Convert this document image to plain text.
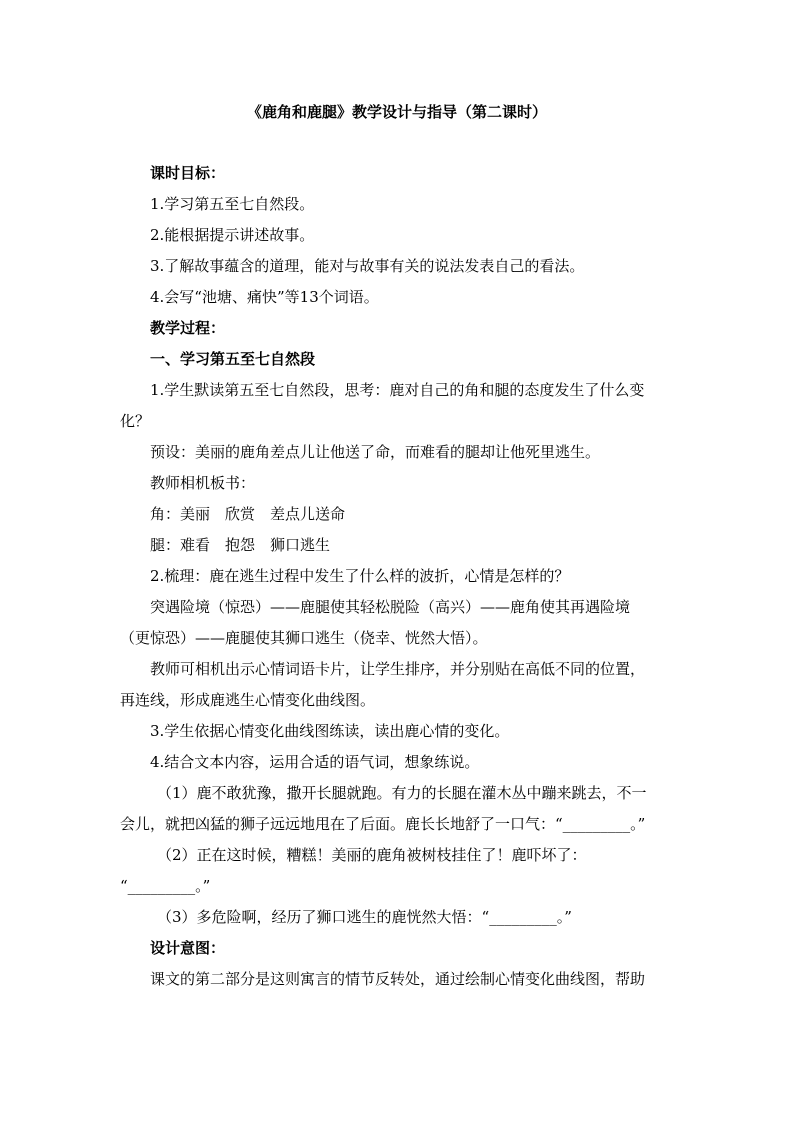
《鹿角和鹿腿》教学设计与指导（第二课时）

课时目标：

1.学习第五至七自然段。

2.能根据提示讲述故事。

3.了解故事蕴含的道理，能对与故事有关的说法发表自己的看法。

4.会写“池塘、痛快”等13个词语。

教学过程：

一、学习第五至七自然段

1.学生默读第五至七自然段，思考：鹿对自己的角和腿的态度发生了什么变

化？

预设：美丽的鹿角差点儿让他送了命，而难看的腿却让他死里逃生。

教师相机板书：

角：美丽　欣赏　差点儿送命

腿：难看　抱怨　狮口逃生

2.梳理：鹿在逃生过程中发生了什么样的波折，心情是怎样的？

突遇险境（惊恐）——鹿腿使其轻松脱险（高兴）——鹿角使其再遇险境

（更惊恐）——鹿腿使其狮口逃生（侥幸、恍然大悟）。

教师可相机出示心情词语卡片，让学生排序，并分别贴在高低不同的位置，

再连线，形成鹿逃生心情变化曲线图。

3.学生依据心情变化曲线图练读，读出鹿心情的变化。

4.结合文本内容，运用合适的语气词，想象练说。

（1）鹿不敢犹豫，撒开长腿就跑。有力的长腿在灌木丛中蹦来跳去，不一

会儿，就把凶猛的狮子远远地甩在了后面。鹿长长地舒了一口气：“_________。”

（2）正在这时候，糟糕！美丽的鹿角被树枝挂住了！鹿吓坏了：

“_________。”

（3）多危险啊，经历了狮口逃生的鹿恍然大悟：“_________。”

设计意图：

课文的第二部分是这则寓言的情节反转处，通过绘制心情变化曲线图，帮助
